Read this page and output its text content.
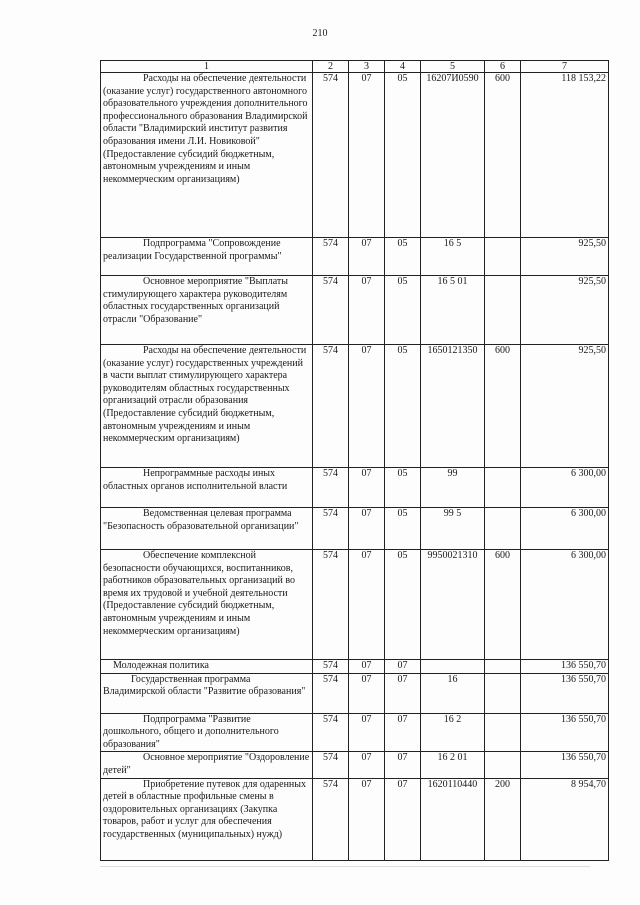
210
1	2	3	4	5	6	7

Расходы на обеспечение деятельности (оказание услуг) государственного автономного образовательного учреждения дополнительного профессионального образования Владимирской области "Владимирский институт развития образования имени Л.И. Новиковой" (Предоставление субсидий бюджетным, автономным учреждениям и иным некоммерческим организациям)	574	07	05	16207И0590	600	118 153,22

Подпрограмма "Сопровождение реализации Государственной программы"	574	07	05	16 5		925,50

Основное мероприятие "Выплаты стимулирующего характера руководителям областных государственных организаций отрасли "Образование"	574	07	05	16 5 01		925,50

Расходы на обеспечение деятельности (оказание услуг) государственных учреждений в части выплат стимулирующего характера руководителям областных государственных организаций отрасли образования (Предоставление субсидий бюджетным, автономным учреждениям и иным некоммерческим организациям)	574	07	05	1650121350	600	925,50

Непрограммные расходы иных областных органов исполнительной власти	574	07	05	99		6 300,00

Ведомственная целевая программа "Безопасность образовательной организации"	574	07	05	99 5		6 300,00

Обеспечение комплексной безопасности обучающихся, воспитанников, работников образовательных организаций во время их трудовой и учебной деятельности (Предоставление субсидий бюджетным, автономным учреждениям и иным некоммерческим организациям)	574	07	05	9950021310	600	6 300,00

Молодежная политика	574	07	07			136 550,70

Государственная программа Владимирской области "Развитие образования"	574	07	07	16		136 550,70

Подпрограмма "Развитие дошкольного, общего и дополнительного образования"	574	07	07	16 2		136 550,70

Основное мероприятие "Оздоровление детей"	574	07	07	16 2 01		136 550,70

Приобретение путевок для одаренных детей в областные профильные смены в оздоровительных организациях (Закупка товаров, работ и услуг для обеспечения государственных (муниципальных) нужд)	574	07	07	1620110440	200	8 954,70
